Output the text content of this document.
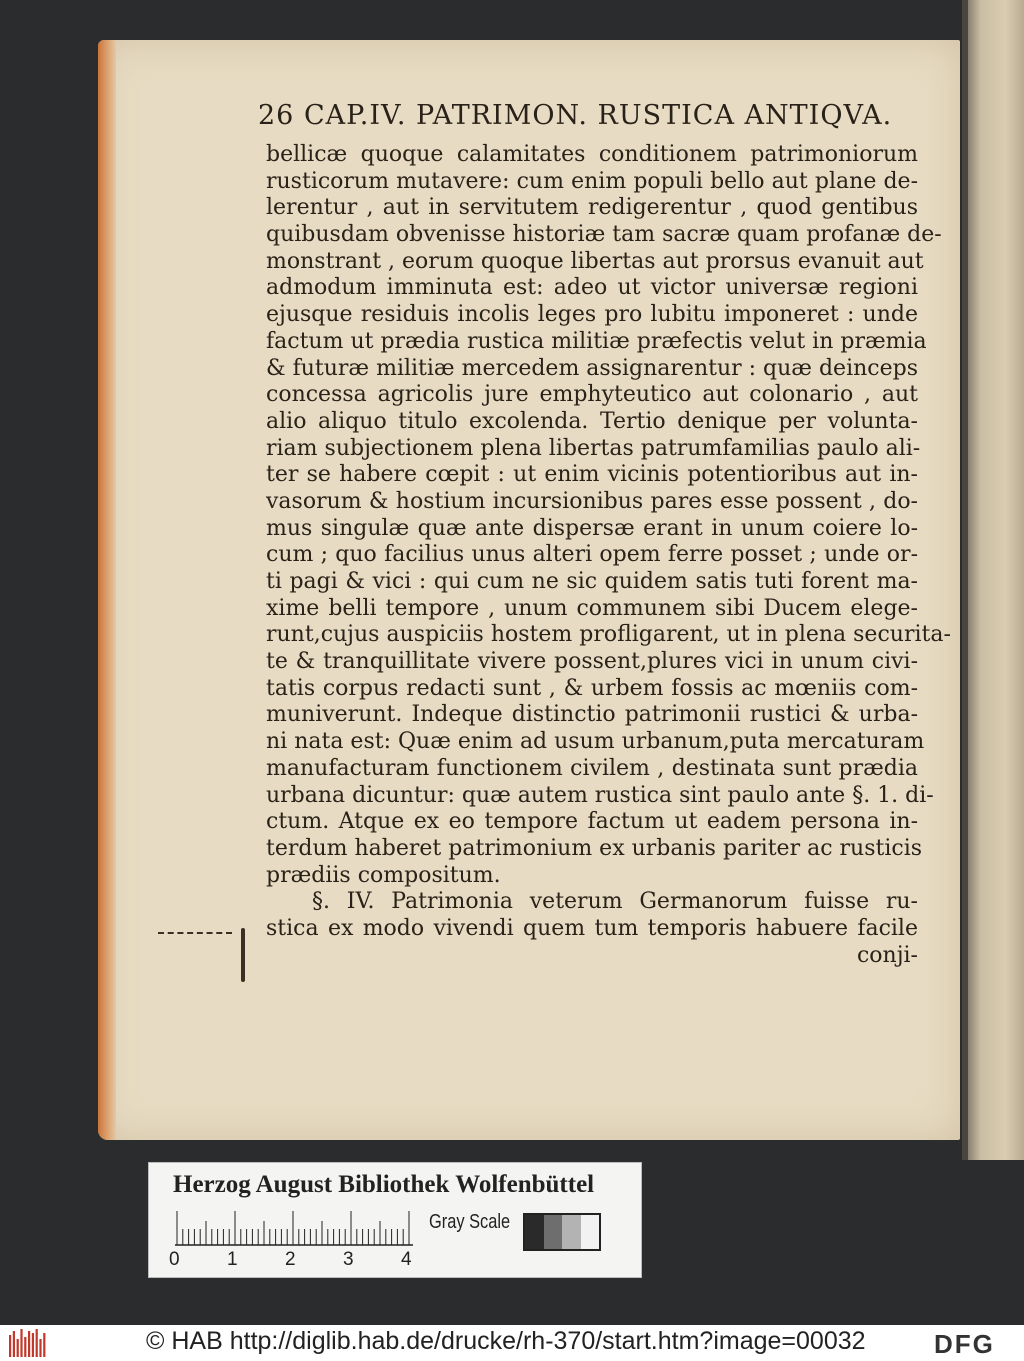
26 CAP.IV. PATRIMON. RUSTICA ANTIQVA.
bellicæ quoque calamitates conditionem patrimoniorum
rusticorum mutavere: cum enim populi bello aut plane de-
lerentur , aut in servitutem redigerentur , quod gentibus
quibusdam obvenisse historiæ tam sacræ quam profanæ de-
monstrant , eorum quoque libertas aut prorsus evanuit aut
admodum imminuta est: adeo ut victor universæ regioni
ejusque residuis incolis leges pro lubitu imponeret : unde
factum ut prædia rustica militiæ præfectis velut in præmia
& futuræ militiæ mercedem assignarentur : quæ deinceps
concessa agricolis jure emphyteutico aut colonario , aut
alio aliquo titulo excolenda. Tertio denique per volunta-
riam subjectionem plena libertas patrumfamilias paulo ali-
ter se habere cœpit : ut enim vicinis potentioribus aut in-
vasorum & hostium incursionibus pares esse possent , do-
mus singulæ quæ ante dispersæ erant in unum coiere lo-
cum ; quo facilius unus alteri opem ferre posset ; unde or-
ti pagi & vici : qui cum ne sic quidem satis tuti forent ma-
xime belli tempore , unum communem sibi Ducem elege-
runt,cujus auspiciis hostem profligarent, ut in plena securita-
te & tranquillitate vivere possent,plures vici in unum civi-
tatis corpus redacti sunt , & urbem fossis ac mœniis com-
muniverunt. Indeque distinctio patrimonii rustici & urba-
ni nata est: Quæ enim ad usum urbanum,puta mercaturam
manufacturam functionem civilem , destinata sunt prædia
urbana dicuntur: quæ autem rustica sint paulo ante §. 1. di-
ctum. Atque ex eo tempore factum ut eadem persona in-
terdum haberet patrimonium ex urbanis pariter ac rusticis
prædiis compositum.
§. IV. Patrimonia veterum Germanorum fuisse ru-
stica ex modo vivendi quem tum temporis habuere facile
conji-
Herzog August Bibliothek Wolfenbüttel
0 1 2 3 4
Gray Scale
© HAB http://diglib.hab.de/drucke/rh-370/start.htm?image=00032	DFG
